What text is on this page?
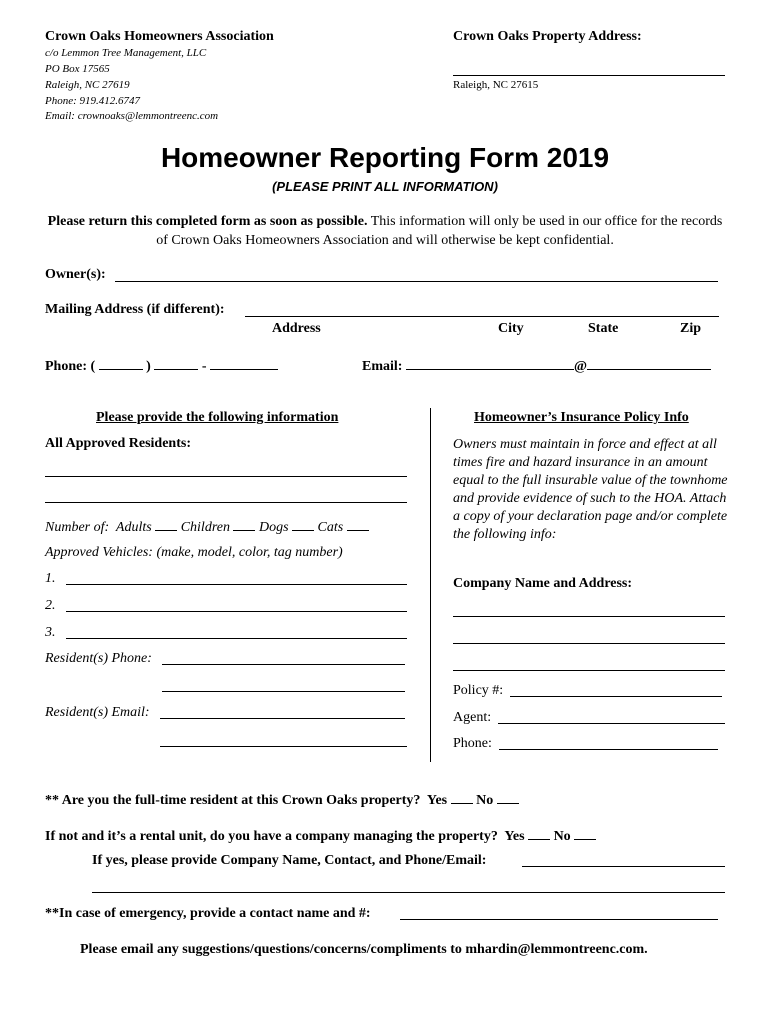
Crown Oaks Homeowners Association
c/o Lemmon Tree Management, LLC
PO Box 17565
Raleigh, NC 27619
Phone: 919.412.6747
Email: crownoaks@lemmontreenc.com
Crown Oaks Property Address:
Raleigh, NC 27615
Homeowner Reporting Form 2019
(PLEASE PRINT ALL INFORMATION)
Please return this completed form as soon as possible. This information will only be used in our office for the records of Crown Oaks Homeowners Association and will otherwise be kept confidential.
Owner(s):
Mailing Address (if different):
Address	City	State	Zip
Phone: (	)	-	Email:	@
Please provide the following information
All Approved Residents:
Number of: Adults Children Dogs Cats
Approved Vehicles: (make, model, color, tag number)
1.
2.
3.
Resident(s) Phone:
Resident(s) Email:
Homeowner’s Insurance Policy Info
Owners must maintain in force and effect at all times fire and hazard insurance in an amount equal to the full insurable value of the townhome and provide evidence of such to the HOA. Attach a copy of your declaration page and/or complete the following info:
Company Name and Address:
Policy #:
Agent:
Phone:
** Are you the full-time resident at this Crown Oaks property? Yes No
If not and it’s a rental unit, do you have a company managing the property? Yes No
If yes, please provide Company Name, Contact, and Phone/Email:
**In case of emergency, provide a contact name and #:
Please email any suggestions/questions/concerns/compliments to mhardin@lemmontreenc.com.
